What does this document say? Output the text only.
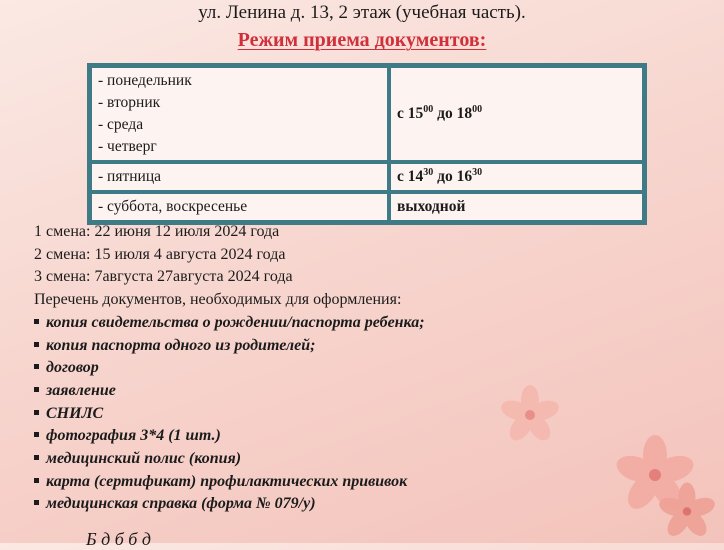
ул. Ленина д. 13, 2 этаж (учебная часть).
Режим приема документов:
- понедельник
- вторник
- среда
- четверг	с $15^{00}$ до $18^{00}$

- пятница	с $14^{30}$ до $16^{30}$

- суббота, воскресенье	выходной
1 смена: 22 июня 12 июля 2024 года
2 смена: 15 июля 4 августа 2024 года
3 смена: 7августа 27августа 2024 года
Перечень документов, необходимых для оформления:
копия свидетельства о рождении/паспорта ребенка;
копия паспорта одного из родителей;
договор
заявление
СНИЛС
фотография 3*4 (1 шт.)
медицинский полис (копия)
карта (сертификат) профилактических прививок
медицинская справка (форма № 079/у)
Б д б б д
